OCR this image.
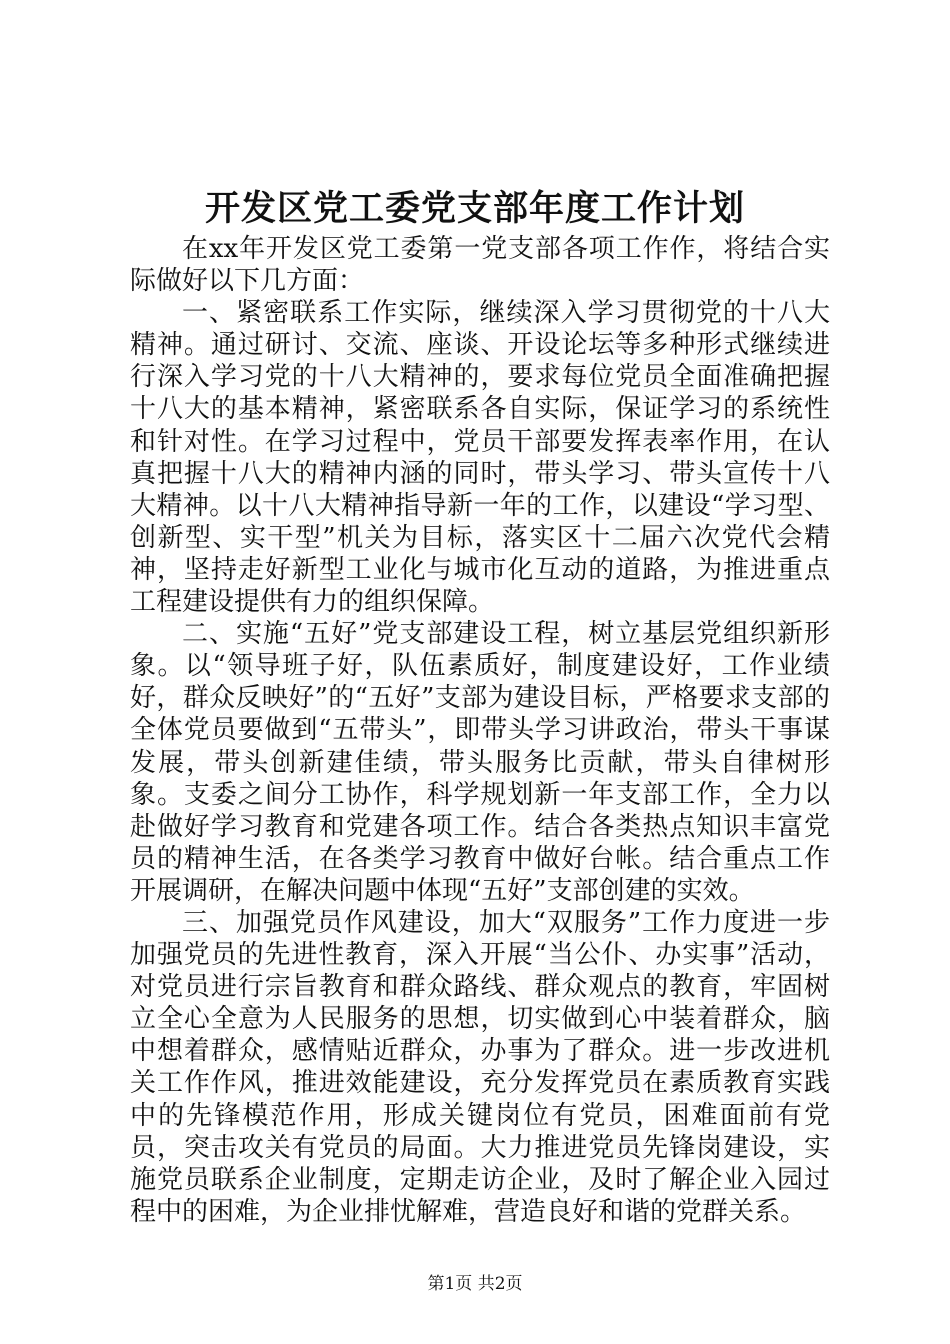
开发区党工委党支部年度工作计划

在xx年开发区党工委第一党支部各项工作作，将结合实际做好以下几方面：

一、紧密联系工作实际，继续深入学习贯彻党的十八大精神。通过研讨、交流、座谈、开设论坛等多种形式继续进行深入学习党的十八大精神的，要求每位党员全面准确把握十八大的基本精神，紧密联系各自实际，保证学习的系统性和针对性。在学习过程中，党员干部要发挥表率作用，在认真把握十八大的精神内涵的同时，带头学习、带头宣传十八大精神。以十八大精神指导新一年的工作，以建设“学习型、创新型、实干型”机关为目标，落实区十二届六次党代会精神，坚持走好新型工业化与城市化互动的道路，为推进重点工程建设提供有力的组织保障。

二、实施“五好”党支部建设工程，树立基层党组织新形象。以“领导班子好，队伍素质好，制度建设好，工作业绩好，群众反映好”的“五好”支部为建设目标，严格要求支部的全体党员要做到“五带头”，即带头学习讲政治，带头干事谋发展，带头创新建佳绩，带头服务比贡献，带头自律树形象。支委之间分工协作，科学规划新一年支部工作，全力以赴做好学习教育和党建各项工作。结合各类热点知识丰富党员的精神生活，在各类学习教育中做好台帐。结合重点工作开展调研，在解决问题中体现“五好”支部创建的实效。

三、加强党员作风建设，加大“双服务”工作力度进一步加强党员的先进性教育，深入开展“当公仆、办实事”活动，对党员进行宗旨教育和群众路线、群众观点的教育，牢固树立全心全意为人民服务的思想，切实做到心中装着群众，脑中想着群众，感情贴近群众，办事为了群众。进一步改进机关工作作风，推进效能建设，充分发挥党员在素质教育实践中的先锋模范作用，形成关键岗位有党员，困难面前有党员，突击攻关有党员的局面。大力推进党员先锋岗建设，实施党员联系企业制度，定期走访企业，及时了解企业入园过程中的困难，为企业排忧解难，营造良好和谐的党群关系。

第1页 共2页
